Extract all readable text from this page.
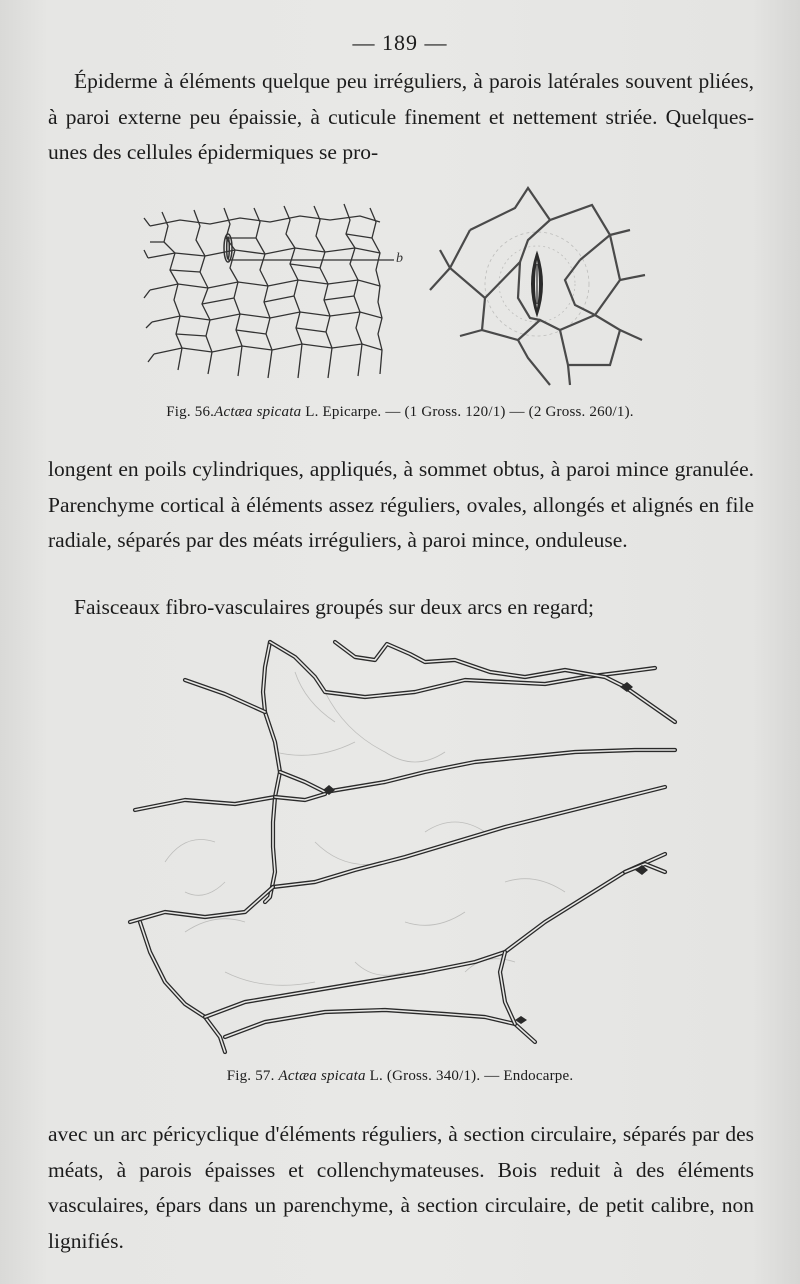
— 189 —

Épiderme à éléments quelque peu irréguliers, à parois latérales souvent pliées, à paroi externe peu épaissie, à cuticule finement et nettement striée. Quelques-unes des cellules épidermiques se pro-

b
Fig. 56.Actæa spicata L. Epicarpe. — (1 Gross. 120/1) — (2 Gross. 260/1).

longent en poils cylindriques, appliqués, à sommet obtus, à paroi mince granulée. Parenchyme cortical à éléments assez réguliers, ovales, allongés et alignés en file radiale, séparés par des méats irréguliers, à paroi mince, onduleuse.

Faisceaux fibro-vasculaires groupés sur deux arcs en regard;

Fig. 57. Actæa spicata L. (Gross. 340/1). — Endocarpe.

avec un arc péricyclique d'éléments réguliers, à section circulaire, séparés par des méats, à parois épaisses et collenchymateuses. Bois reduit à des éléments vasculaires, épars dans un parenchyme, à section circulaire, de petit calibre, non lignifiés.
